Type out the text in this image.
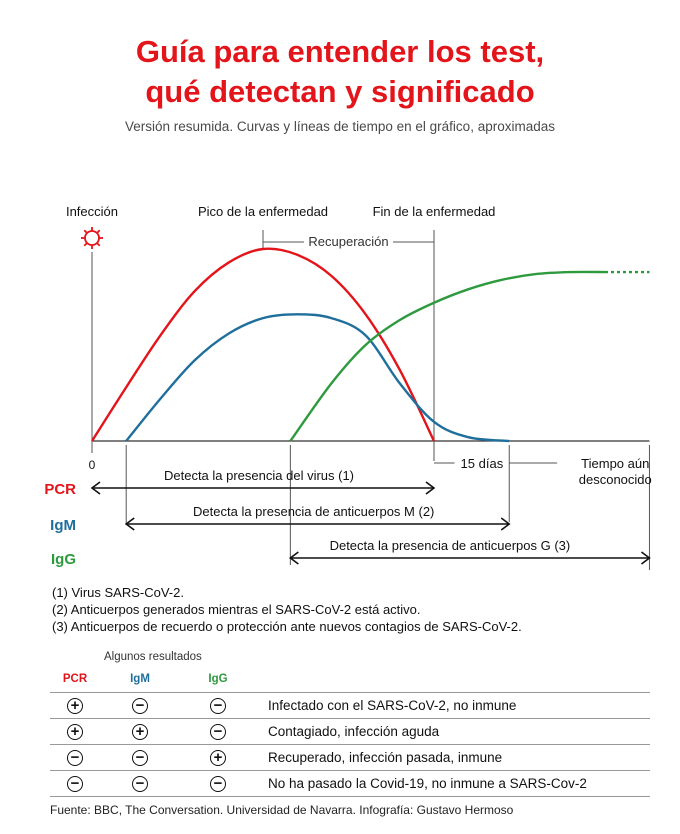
Guía para entender los test,
qué detectan y significado

Versión resumida. Curvas y líneas de tiempo en el gráfico, aproximadas

Infección	Pico de la enfermedad	Fin de la enfermedad
Recuperación
0	15 días	Tiempo aún
desconocido
PCR
Detecta la presencia del virus (1)
IgM
Detecta la presencia de anticuerpos M (2)
IgG
Detecta la presencia de anticuerpos G (3)
(1) Virus SARS-CoV-2.
(2) Anticuerpos generados mientras el SARS-CoV-2 está activo.
(3) Anticuerpos de recuerdo o protección ante nuevos contagios de SARS-CoV-2.
Algunos resultados
PCR	IgM	IgG	
+	−	−	Infectado con el SARS-CoV-2, no inmune
+	+	−	Contagiado, infección aguda
−	−	+	Recuperado, infección pasada, inmune
−	−	−	No ha pasado la Covid-19, no inmune a SARS-Cov-2
Fuente: BBC, The Conversation. Universidad de Navarra. Infografía: Gustavo Hermoso
